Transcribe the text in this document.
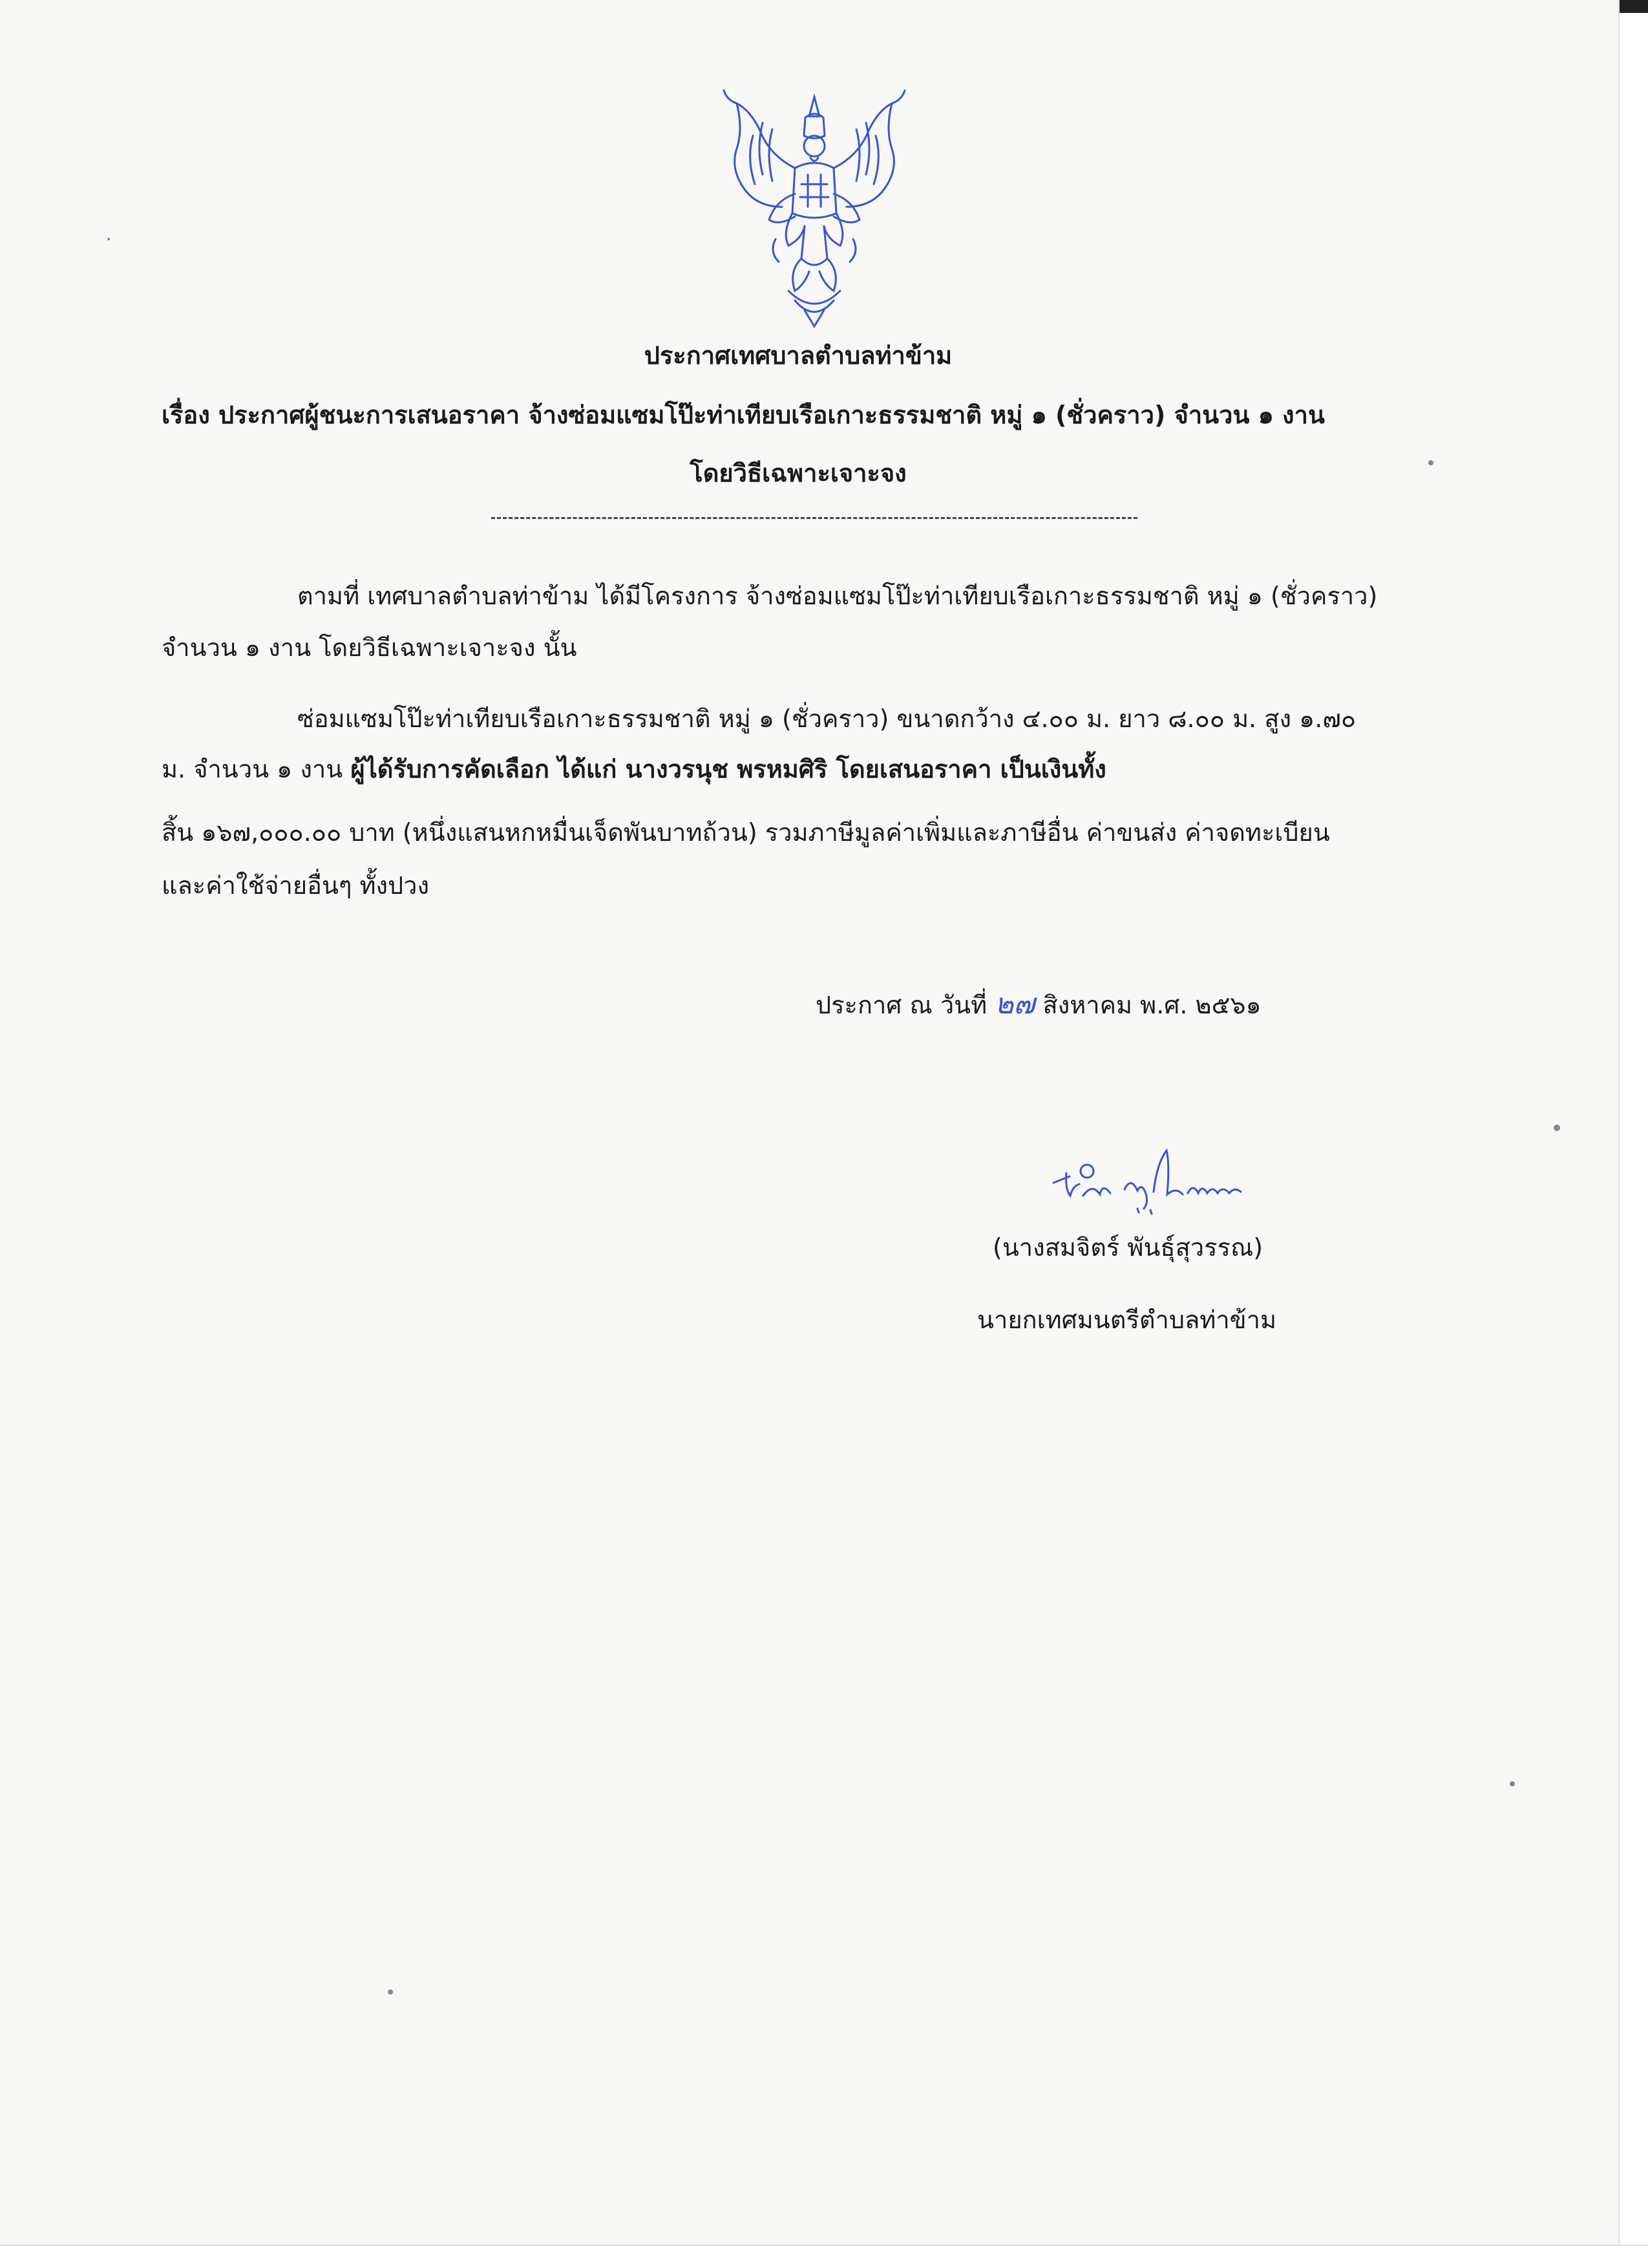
ประกาศเทศบาลตำบลท่าข้าม
เรื่อง ประกาศผู้ชนะการเสนอราคา จ้างซ่อมแซมโป๊ะท่าเทียบเรือเกาะธรรมชาติ หมู่ ๑ (ชั่วคราว) จำนวน ๑ งาน
โดยวิธีเฉพาะเจาะจง
ตามที่ เทศบาลตำบลท่าข้าม ได้มีโครงการ จ้างซ่อมแซมโป๊ะท่าเทียบเรือเกาะธรรมชาติ หมู่ ๑ (ชั่วคราว)
จำนวน ๑ งาน โดยวิธีเฉพาะเจาะจง นั้น
ซ่อมแซมโป๊ะท่าเทียบเรือเกาะธรรมชาติ หมู่ ๑ (ชั่วคราว) ขนาดกว้าง ๔.๐๐ ม. ยาว ๘.๐๐ ม. สูง ๑.๗๐
ม. จำนวน ๑ งาน ผู้ได้รับการคัดเลือก ได้แก่ นางวรนุช พรหมศิริ โดยเสนอราคา เป็นเงินทั้ง
สิ้น ๑๖๗,๐๐๐.๐๐ บาท (หนึ่งแสนหกหมื่นเจ็ดพันบาทถ้วน) รวมภาษีมูลค่าเพิ่มและภาษีอื่น ค่าขนส่ง ค่าจดทะเบียน
และค่าใช้จ่ายอื่นๆ ทั้งปวง
ประกาศ ณ วันที่ ๒๗ สิงหาคม พ.ศ. ๒๕๖๑
(นางสมจิตร์ พันธุ์สุวรรณ)
นายกเทศมนตรีตำบลท่าข้าม
